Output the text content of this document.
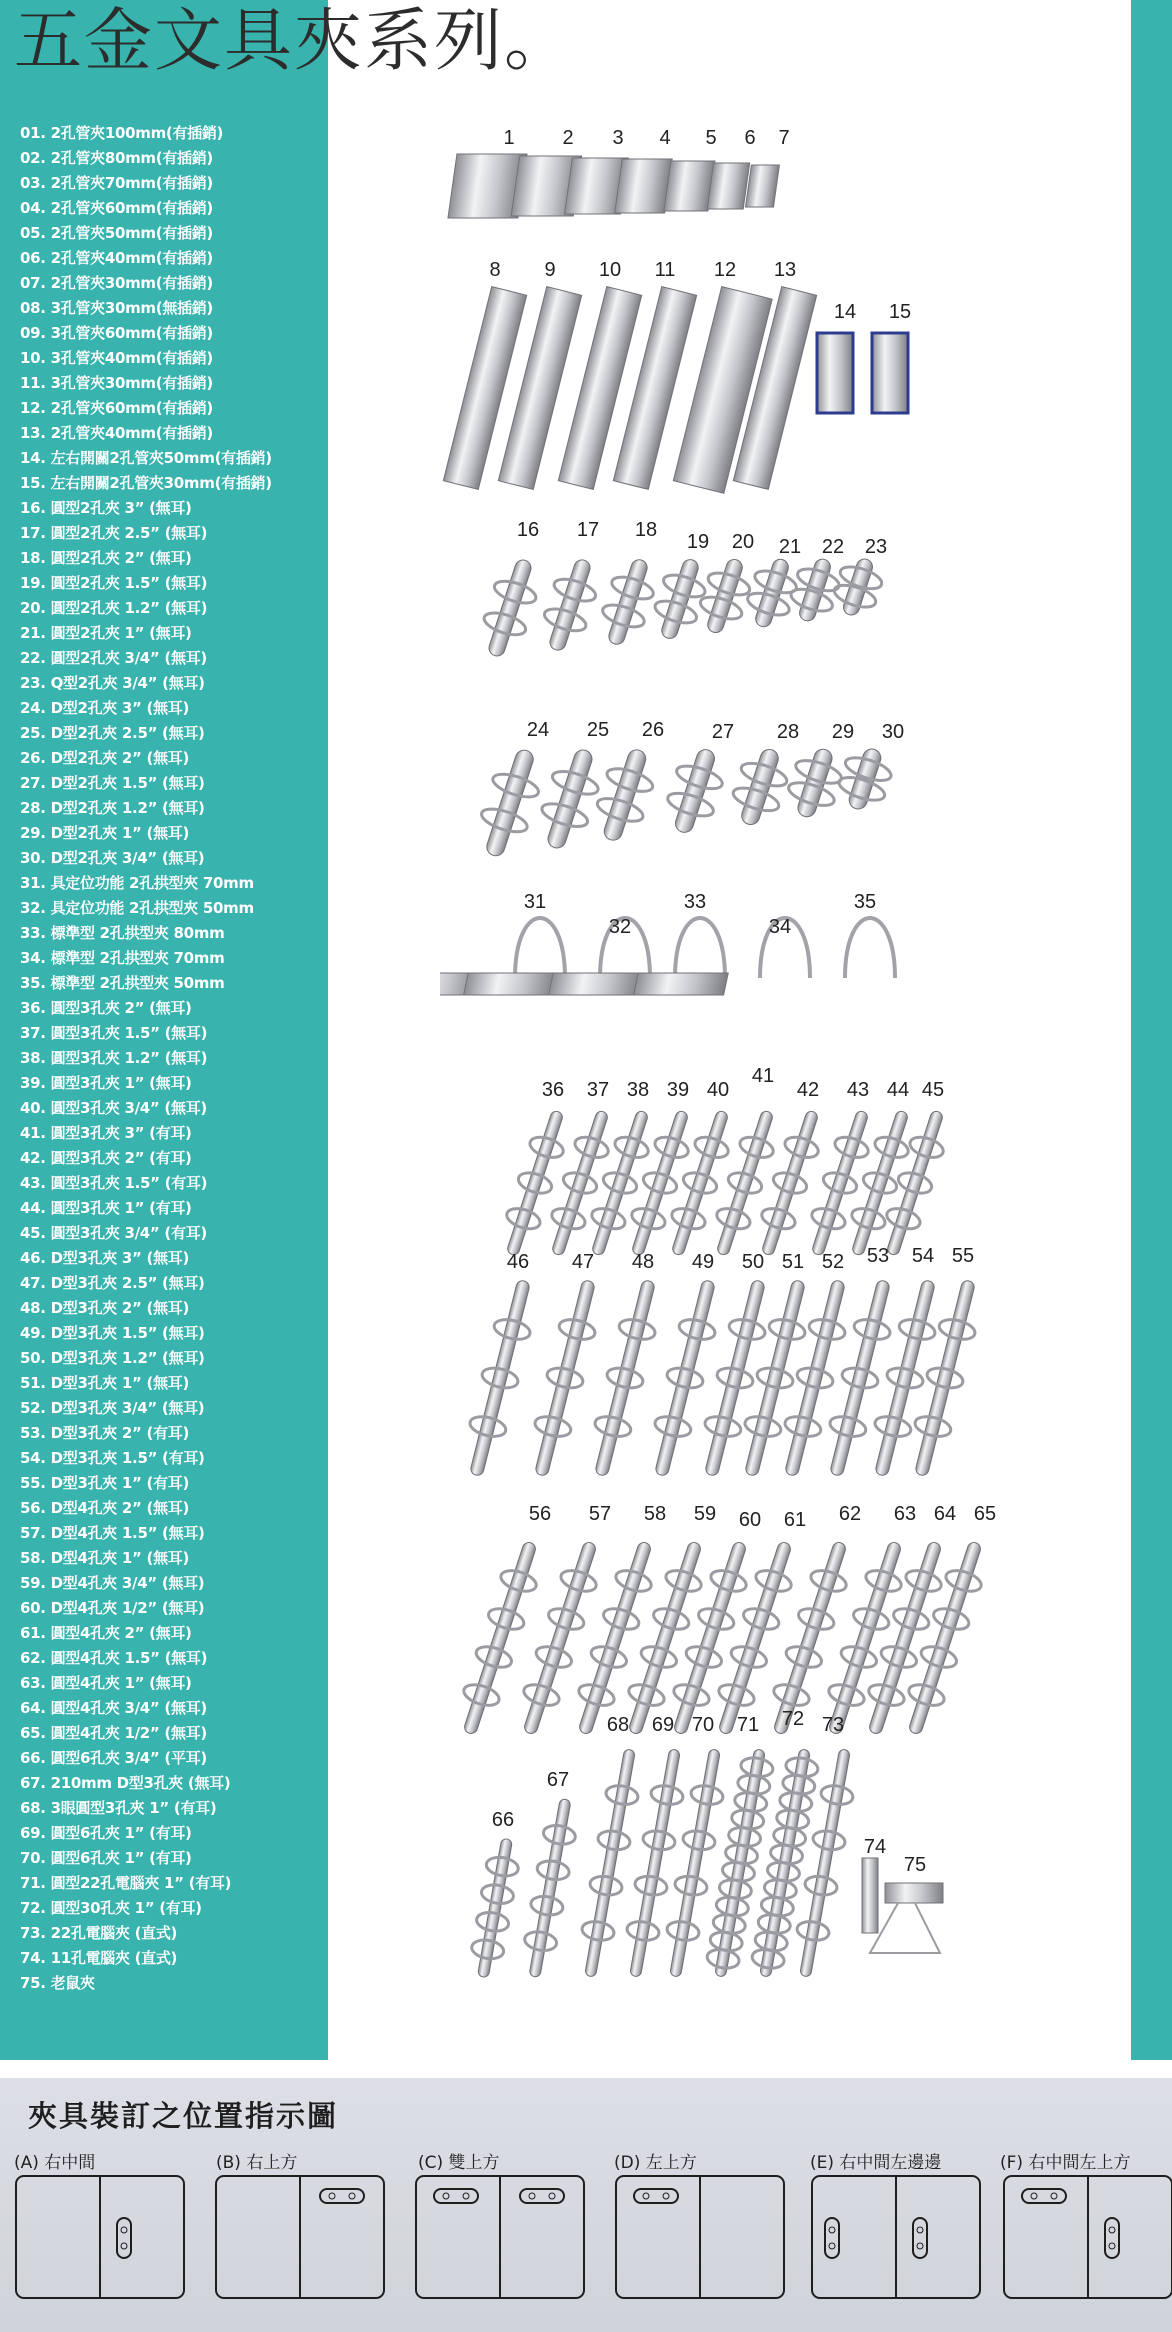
五金文具夾系列。
01. 2孔管夾100mm(有插銷)
02. 2孔管夾80mm(有插銷)
03. 2孔管夾70mm(有插銷)
04. 2孔管夾60mm(有插銷)
05. 2孔管夾50mm(有插銷)
06. 2孔管夾40mm(有插銷)
07. 2孔管夾30mm(有插銷)
08. 3孔管夾30mm(無插銷)
09. 3孔管夾60mm(有插銷)
10. 3孔管夾40mm(有插銷)
11. 3孔管夾30mm(有插銷)
12. 2孔管夾60mm(有插銷)
13. 2孔管夾40mm(有插銷)
14. 左右開關2孔管夾50mm(有插銷)
15. 左右開關2孔管夾30mm(有插銷)
16. 圓型2孔夾 3” (無耳)
17. 圓型2孔夾 2.5” (無耳)
18. 圓型2孔夾 2” (無耳)
19. 圓型2孔夾 1.5” (無耳)
20. 圓型2孔夾 1.2” (無耳)
21. 圓型2孔夾 1” (無耳)
22. 圓型2孔夾 3/4” (無耳)
23. Q型2孔夾 3/4” (無耳)
24. D型2孔夾 3” (無耳)
25. D型2孔夾 2.5” (無耳)
26. D型2孔夾 2” (無耳)
27. D型2孔夾 1.5” (無耳)
28. D型2孔夾 1.2” (無耳)
29. D型2孔夾 1” (無耳)
30. D型2孔夾 3/4” (無耳)
31. 具定位功能 2孔拱型夾 70mm
32. 具定位功能 2孔拱型夾 50mm
33. 標準型 2孔拱型夾 80mm
34. 標準型 2孔拱型夾 70mm
35. 標準型 2孔拱型夾 50mm
36. 圓型3孔夾 2” (無耳)
37. 圓型3孔夾 1.5” (無耳)
38. 圓型3孔夾 1.2” (無耳)
39. 圓型3孔夾 1” (無耳)
40. 圓型3孔夾 3/4” (無耳)
41. 圓型3孔夾 3” (有耳)
42. 圓型3孔夾 2” (有耳)
43. 圓型3孔夾 1.5” (有耳)
44. 圓型3孔夾 1” (有耳)
45. 圓型3孔夾 3/4” (有耳)
46. D型3孔夾 3” (無耳)
47. D型3孔夾 2.5” (無耳)
48. D型3孔夾 2” (無耳)
49. D型3孔夾 1.5” (無耳)
50. D型3孔夾 1.2” (無耳)
51. D型3孔夾 1” (無耳)
52. D型3孔夾 3/4” (無耳)
53. D型3孔夾 2” (有耳)
54. D型3孔夾 1.5” (有耳)
55. D型3孔夾 1” (有耳)
56. D型4孔夾 2” (無耳)
57. D型4孔夾 1.5” (無耳)
58. D型4孔夾 1” (無耳)
59. D型4孔夾 3/4” (無耳)
60. D型4孔夾 1/2” (無耳)
61. 圓型4孔夾 2” (無耳)
62. 圓型4孔夾 1.5” (無耳)
63. 圓型4孔夾 1” (無耳)
64. 圓型4孔夾 3/4” (無耳)
65. 圓型4孔夾 1/2” (無耳)
66. 圓型6孔夾 3/4” (平耳)
67. 210mm D型3孔夾 (無耳)
68. 3眼圓型3孔夾 1” (有耳)
69. 圓型6孔夾 1” (有耳)
70. 圓型6孔夾 1” (有耳)
71. 圓型22孔電腦夾 1” (有耳)
72. 圓型30孔夾 1” (有耳)
73. 22孔電腦夾 (直式)
74. 11孔電腦夾 (直式)
75. 老鼠夾
1 2 3 4 5 6 7
8 9 10 11 12 13
14 15
16 17 18
19 20 21 22 23
24 25 26 27 28 29 30
31
32
33
34
35
36 37 38 39 40
41
42 43 44 45
46 47 48 49 50 51 52 53 54 55
56 57 58 59 60 61 62 63 64 65
66
67
68 69 70 71 72 73
74
75
夾具裝訂之位置指示圖
(A) 右中間	(B) 右上方	(C) 雙上方	(D) 左上方	(E) 右中間左邊邊	(F) 右中間左上方
